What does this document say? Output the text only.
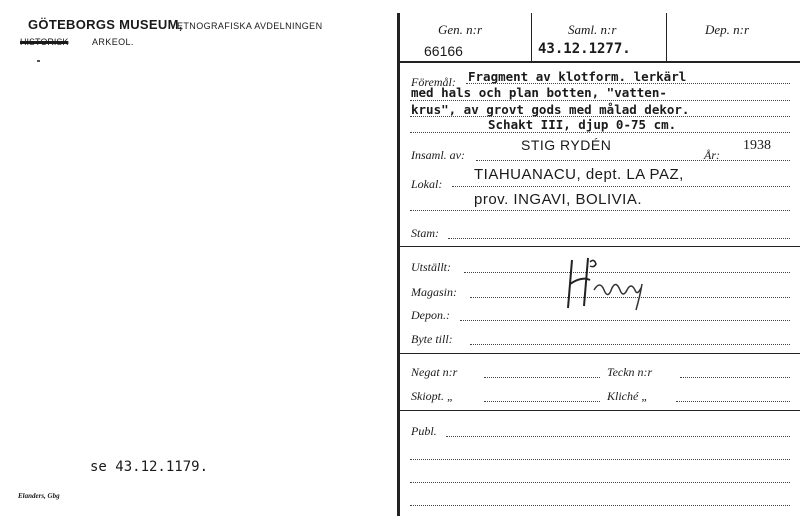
GÖTEBORGS MUSEUM,
ETNOGRAFISKA AVDELNINGEN
HISTORISK	ARKEOL.
se 43.12.1179.
Elanders, Gbg
Gen. n:r
66166
Saml. n:r
43.12.1277.
Dep. n:r
Föremål: Fragment av klotform. lerkärl
med hals och plan botten, "vatten-
krus", av grovt gods med målad dekor.
Schakt III, djup 0-75 cm.
Insaml. av:
STIG RYDÉN
År:
1938
Lokal:
TIAHUANACU, dept. LA PAZ,
prov. INGAVI, BOLIVIA.
Stam:
Utställt:
Magasin:
Depon.:
Byte till:
Negat n:r	Teckn n:r
Skiopt. „	Kliché „
Publ.
